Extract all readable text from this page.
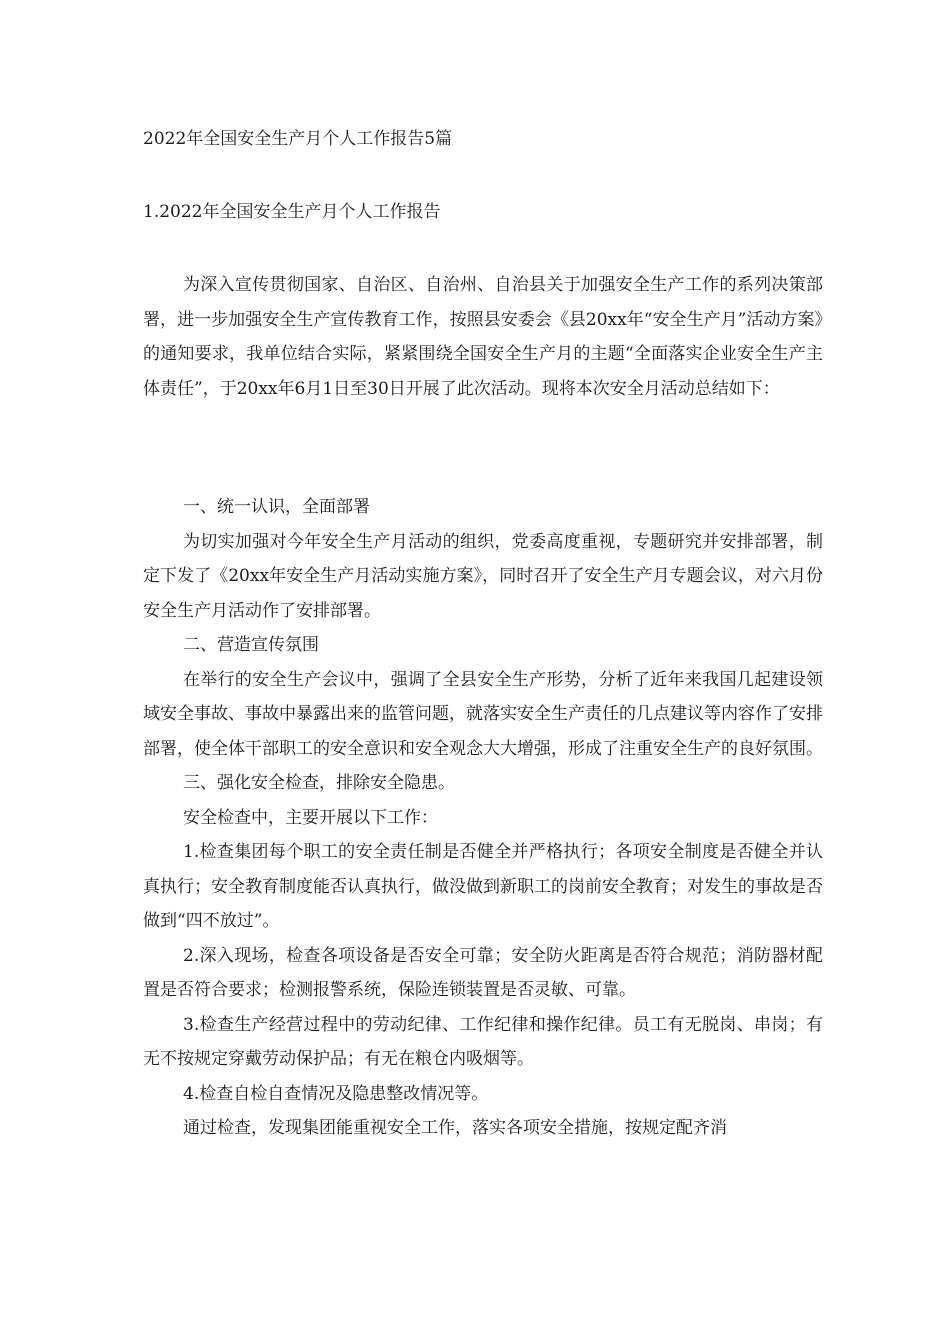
2022年全国安全生产月个人工作报告5篇
1.2022年全国安全生产月个人工作报告

为深入宣传贯彻国家、自治区、自治州、自治县关于加强安全生产工作的系列决策部署，进一步加强安全生产宣传教育工作，按照县安委会《县20xx年“安全生产月”活动方案》的通知要求，我单位结合实际，紧紧围绕全国安全生产月的主题“全面落实企业安全生产主体责任”，于20xx年6月1日至30日开展了此次活动。现将本次安全月活动总结如下：

一、统一认识，全面部署
为切实加强对今年安全生产月活动的组织，党委高度重视，专题研究并安排部署，制定下发了《20xx年安全生产月活动实施方案》，同时召开了安全生产月专题会议，对六月份安全生产月活动作了安排部署。
二、营造宣传氛围
在举行的安全生产会议中，强调了全县安全生产形势，分析了近年来我国几起建设领域安全事故、事故中暴露出来的监管问题，就落实安全生产责任的几点建议等内容作了安排部署，使全体干部职工的安全意识和安全观念大大增强，形成了注重安全生产的良好氛围。
三、强化安全检查，排除安全隐患。
安全检查中，主要开展以下工作：
1.检查集团每个职工的安全责任制是否健全并严格执行；各项安全制度是否健全并认真执行；安全教育制度能否认真执行，做没做到新职工的岗前安全教育；对发生的事故是否做到“四不放过”。
2.深入现场，检查各项设备是否安全可靠；安全防火距离是否符合规范；消防器材配置是否符合要求；检测报警系统，保险连锁装置是否灵敏、可靠。
3.检查生产经营过程中的劳动纪律、工作纪律和操作纪律。员工有无脱岗、串岗；有无不按规定穿戴劳动保护品；有无在粮仓内吸烟等。
4.检查自检自查情况及隐患整改情况等。
通过检查，发现集团能重视安全工作，落实各项安全措施，按规定配齐消
